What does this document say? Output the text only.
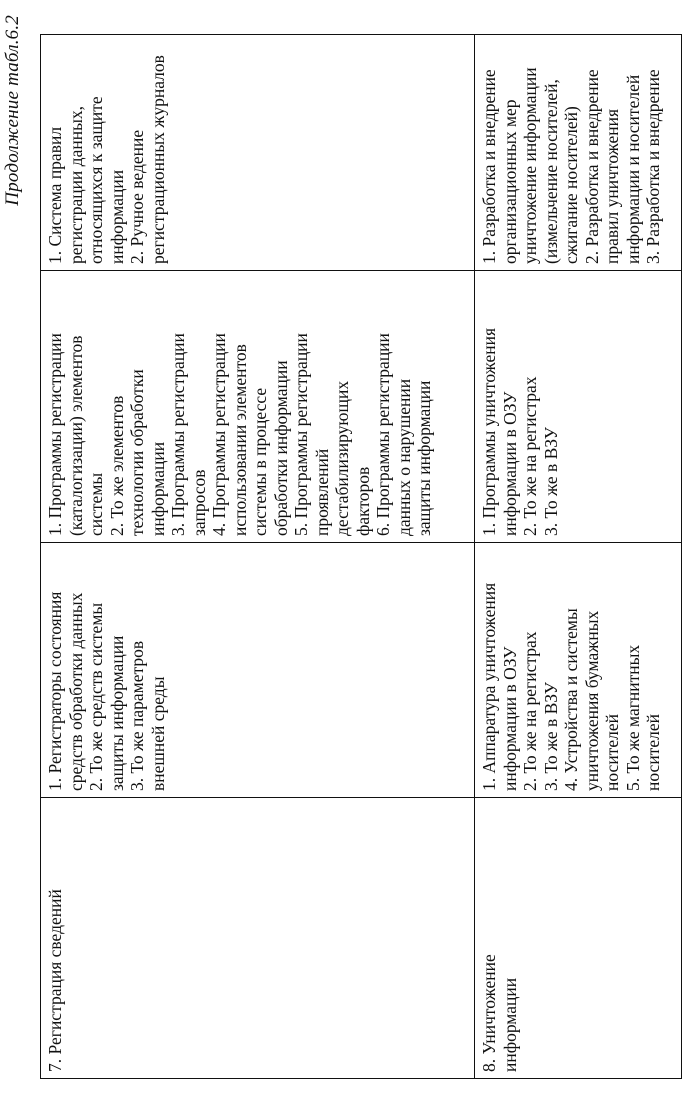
Продолжение табл.6.2
7. Регистрация сведений
1. Регистраторы состояния
средств обработки данных
2. То же средств системы
защиты информации
3. То же параметров
внешней среды
1. Программы регистрации
(каталогизации) элементов
системы
2. То же элементов
технологии обработки
информации
3. Программы регистрации
запросов
4. Программы регистрации
использовании элементов
системы в процессе
обработки информации
5. Программы регистрации
проявлений
дестабилизирующих
факторов
6. Программы регистрации
данных о нарушении
защиты информации
1. Система правил
регистрации данных,
относящихся к защите
информации
2. Ручное ведение
регистрационных журналов
8. Уничтожение
информации
1. Аппаратура уничтожения
информации в ОЗУ
2. То же на регистрах
3. То же в ВЗУ
4. Устройства и системы
уничтожения бумажных
носителей
5. То же магнитных
носителей
1. Программы уничтожения
информации в ОЗУ
2. То же на регистрах
3. То же в ВЗУ
1. Разработка и внедрение
организационных мер
уничтожение информации
(измельчение носителей,
сжигание носителей)
2. Разработка и внедрение
правил уничтожения
информации и носителей
3. Разработка и внедрение
